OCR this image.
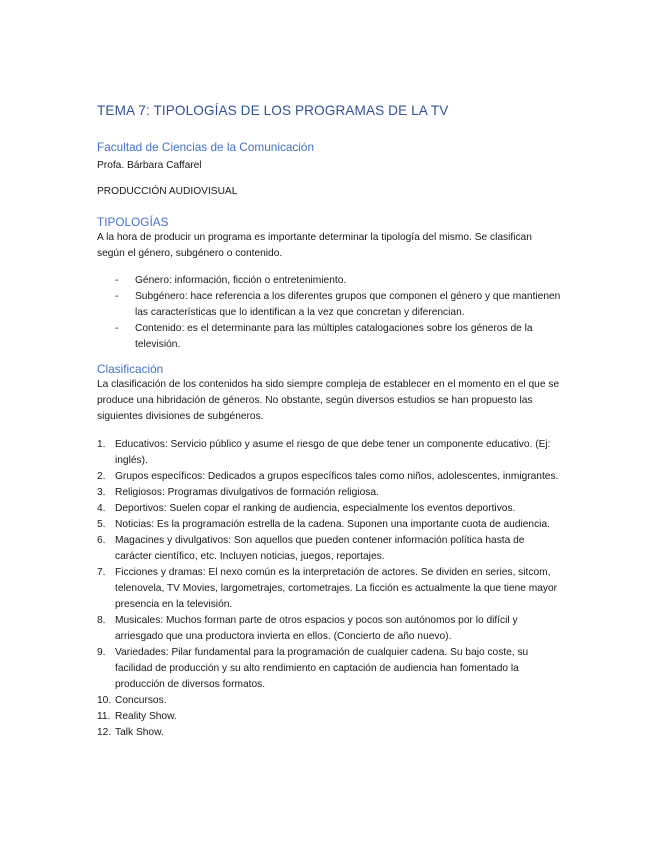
TEMA 7: TIPOLOGÍAS DE LOS PROGRAMAS DE LA TV
Facultad de Ciencias de la Comunicación

Profa. Bárbara Caffarel

PRODUCCIÓN AUDIOVISUAL

TIPOLOGÍAS

A la hora de producir un programa es importante determinar la tipología del mismo. Se clasifican según el género, subgénero o contenido.

- Género: información, ficción o entretenimiento.
- Subgénero: hace referencia a los diferentes grupos que componen el género y que mantienen las características que lo identifican a la vez que concretan y diferencian.
- Contenido: es el determinante para las múltiples catalogaciones sobre los géneros de la televisión.
Clasificación

La clasificación de los contenidos ha sido siempre compleja de establecer en el momento en el que se produce una hibridación de géneros. No obstante, según diversos estudios se han propuesto las siguientes divisiones de subgéneros.

1. Educativos: Servicio público y asume el riesgo de que debe tener un componente educativo. (Ej: inglés).
2. Grupos específicos: Dedicados a grupos específicos tales como niños, adolescentes, inmigrantes.
3. Religiosos: Programas divulgativos de formación religiosa.
4. Deportivos: Suelen copar el ranking de audiencia, especialmente los eventos deportivos.
5. Noticias: Es la programación estrella de la cadena. Suponen una importante cuota de audiencia.
6. Magacines y divulgativos: Son aquellos que pueden contener información política hasta de carácter científico, etc. Incluyen noticias, juegos, reportajes.
7. Ficciones y dramas: El nexo común es la interpretación de actores. Se dividen en series, sitcom, telenovela, TV Movies, largometrajes, cortometrajes. La ficción es actualmente la que tiene mayor presencia en la televisión.
8. Musicales: Muchos forman parte de otros espacios y pocos son autónomos por lo difícil y arriesgado que una productora invierta en ellos. (Concierto de año nuevo).
9. Variedades: Pilar fundamental para la programación de cualquier cadena. Su bajo coste, su facilidad de producción y su alto rendimiento en captación de audiencia han fomentado la producción de diversos formatos.
10. Concursos.
11. Reality Show.
12. Talk Show.
